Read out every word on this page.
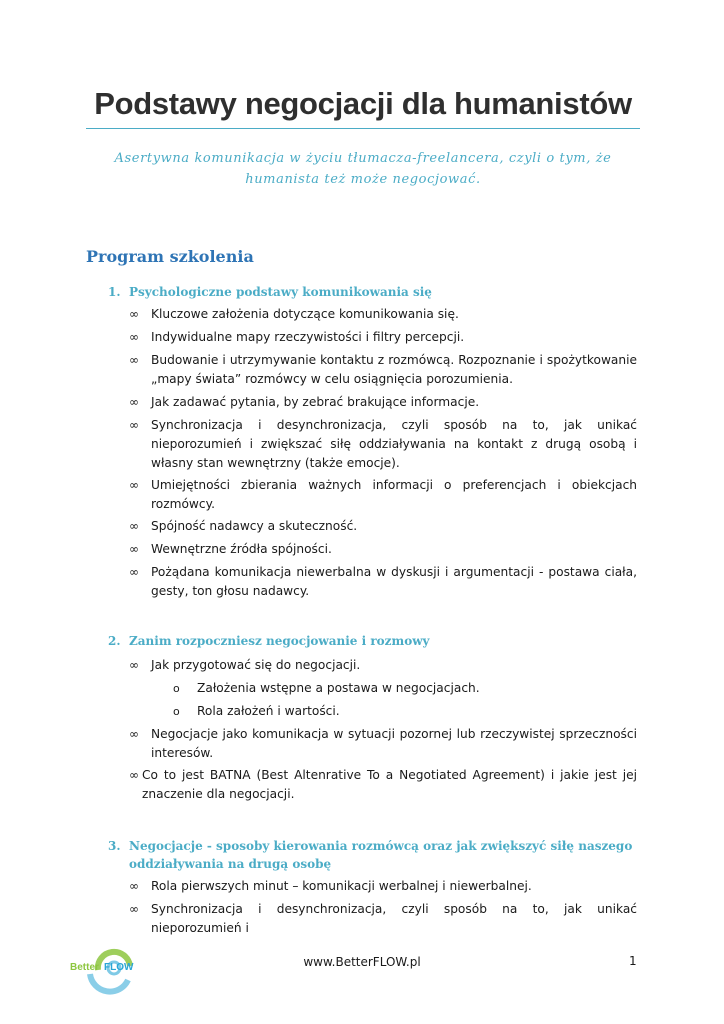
Podstawy negocjacji dla humanistów
Asertywna komunikacja w życiu tłumacza-freelancera, czyli o tym, że humanista też może negocjować.
Program szkolenia
1. Psychologiczne podstawy komunikowania się
∞ Kluczowe założenia dotyczące komunikowania się.
∞ Indywidualne mapy rzeczywistości i filtry percepcji.
∞ Budowanie i utrzymywanie kontaktu z rozmówcą. Rozpoznanie i spożytkowanie „mapy świata” rozmówcy w celu osiągnięcia porozumienia.
∞ Jak zadawać pytania, by zebrać brakujące informacje.
∞ Synchronizacja i desynchronizacja, czyli sposób na to, jak unikać nieporozumień i zwiększać siłę oddziaływania na kontakt z drugą osobą i własny stan wewnętrzny (także emocje).
∞ Umiejętności zbierania ważnych informacji o preferencjach i obiekcjach rozmówcy.
∞ Spójność nadawcy a skuteczność.
∞ Wewnętrzne źródła spójności.
∞ Pożądana komunikacja niewerbalna w dyskusji i argumentacji - postawa ciała, gesty, ton głosu nadawcy.
2. Zanim rozpoczniesz negocjowanie i rozmowy
∞ Jak przygotować się do negocjacji.
o Założenia wstępne a postawa w negocjacjach.
o Rola założeń i wartości.
∞ Negocjacje jako komunikacja w sytuacji pozornej lub rzeczywistej sprzeczności interesów.
∞ Co to jest BATNA (Best Altenrative To a Negotiated Agreement) i jakie jest jej znaczenie dla negocjacji.
3. Negocjacje - sposoby kierowania rozmówcą oraz jak zwiększyć siłę naszego
oddziaływania na drugą osobę
∞ Rola pierwszych minut – komunikacji werbalnej i niewerbalnej.
∞ Synchronizacja i desynchronizacja, czyli sposób na to, jak unikać nieporozumień i
Better FLOW	www.BetterFLOW.pl	1
